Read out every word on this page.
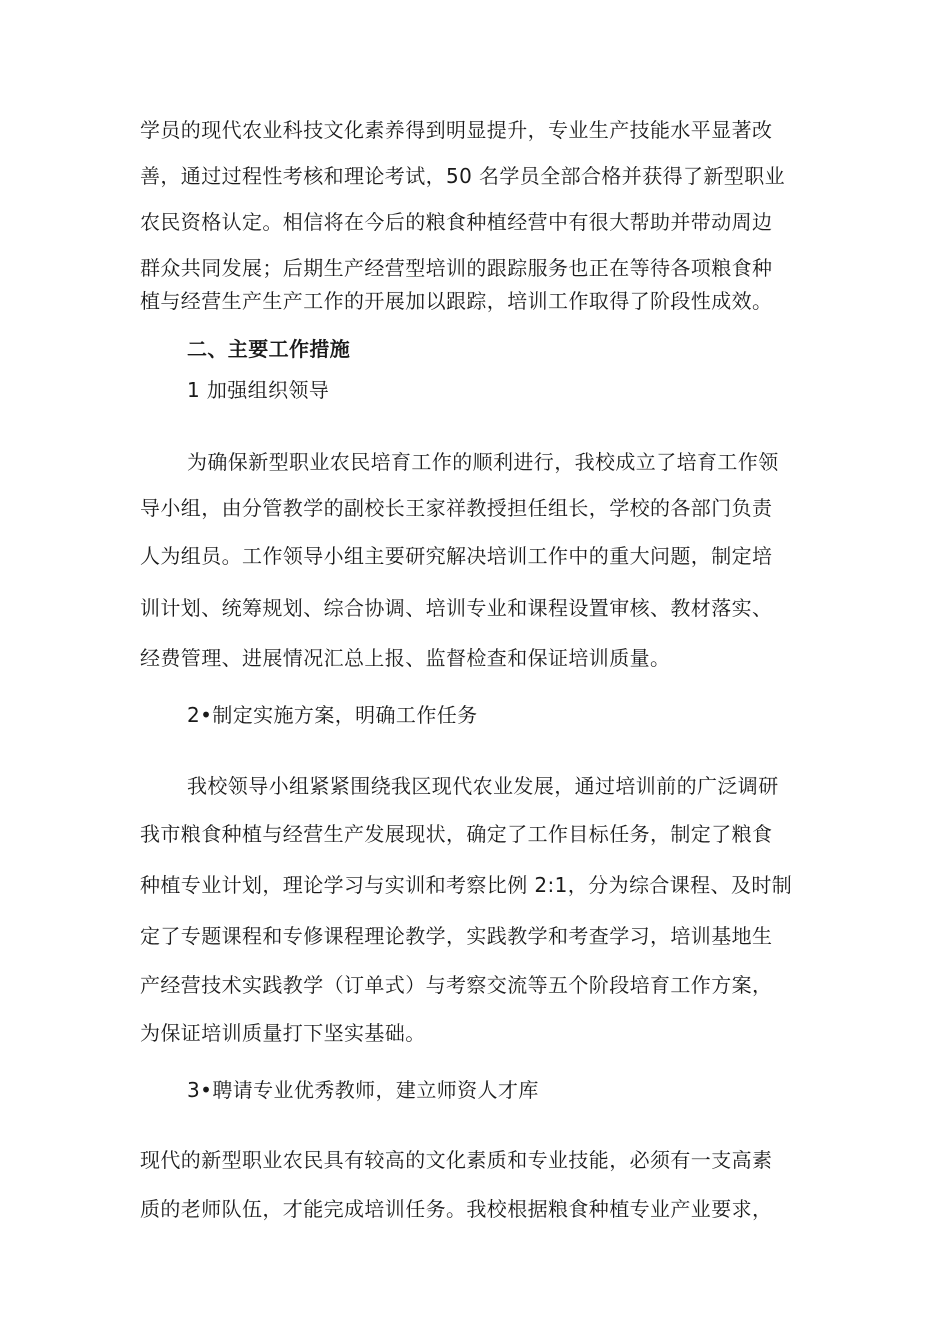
学员的现代农业科技文化素养得到明显提升，专业生产技能水平显著改
善，通过过程性考核和理论考试，50 名学员全部合格并获得了新型职业
农民资格认定。相信将在今后的粮食种植经营中有很大帮助并带动周边
群众共同发展；后期生产经营型培训的跟踪服务也正在等待各项粮食种
植与经营生产生产工作的开展加以跟踪，培训工作取得了阶段性成效。
二、主要工作措施
1 加强组织领导
为确保新型职业农民培育工作的顺利进行，我校成立了培育工作领
导小组，由分管教学的副校长王家祥教授担任组长，学校的各部门负责
人为组员。工作领导小组主要研究解决培训工作中的重大问题，制定培
训计划、统筹规划、综合协调、培训专业和课程设置审核、教材落实、
经费管理、进展情况汇总上报、监督检查和保证培训质量。
2•制定实施方案，明确工作任务
我校领导小组紧紧围绕我区现代农业发展，通过培训前的广泛调研
我市粮食种植与经营生产发展现状，确定了工作目标任务，制定了粮食
种植专业计划，理论学习与实训和考察比例 2:1，分为综合课程、及时制
定了专题课程和专修课程理论教学，实践教学和考查学习，培训基地生
产经营技术实践教学（订单式）与考察交流等五个阶段培育工作方案，
为保证培训质量打下坚实基础。
3•聘请专业优秀教师，建立师资人才库
现代的新型职业农民具有较高的文化素质和专业技能，必须有一支高素
质的老师队伍，才能完成培训任务。我校根据粮食种植专业产业要求，
